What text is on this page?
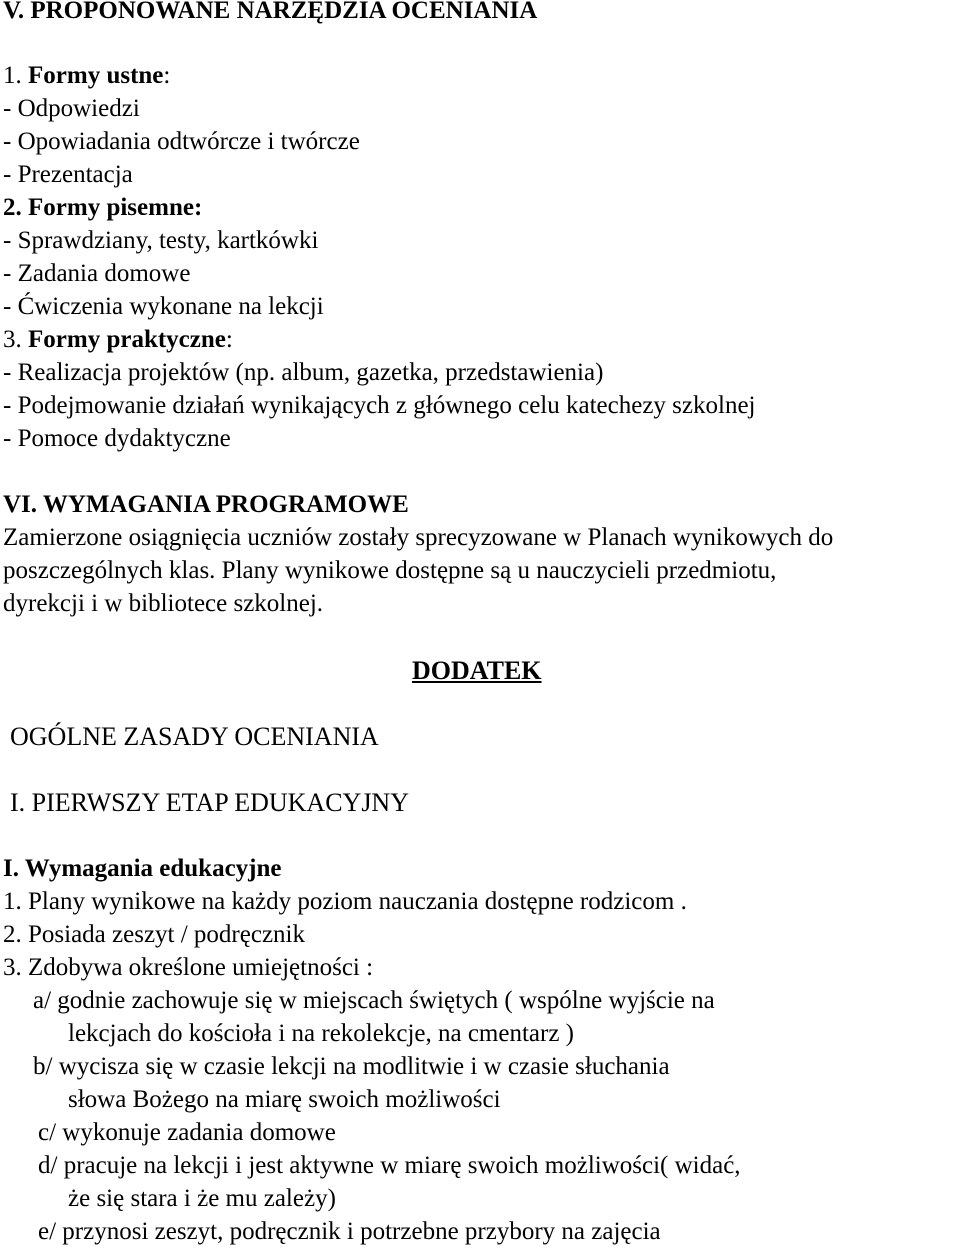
V. PROPONOWANE NARZĘDZIA OCENIANIA
1. Formy ustne:
- Odpowiedzi
- Opowiadania odtwórcze i twórcze
- Prezentacja
2. Formy pisemne:
- Sprawdziany, testy, kartkówki
- Zadania domowe
- Ćwiczenia wykonane na lekcji
3. Formy praktyczne:
- Realizacja projektów (np. album, gazetka, przedstawienia)
- Podejmowanie działań wynikających z głównego celu katechezy szkolnej
- Pomoce dydaktyczne
VI. WYMAGANIA PROGRAMOWE
Zamierzone osiągnięcia uczniów zostały sprecyzowane w Planach wynikowych do
poszczególnych klas. Plany wynikowe dostępne są u nauczycieli przedmiotu,
dyrekcji i w bibliotece szkolnej.
DODATEK
OGÓLNE ZASADY OCENIANIA
I. PIERWSZY ETAP EDUKACYJNY
I. Wymagania edukacyjne
1. Plany wynikowe na każdy poziom nauczania dostępne rodzicom .
2. Posiada zeszyt / podręcznik
3. Zdobywa określone umiejętności :
a/ godnie zachowuje się w miejscach świętych ( wspólne wyjście na
lekcjach do kościoła i na rekolekcje, na cmentarz )
b/ wycisza się w czasie lekcji na modlitwie i w czasie słuchania
słowa Bożego na miarę swoich możliwości
c/ wykonuje zadania domowe
d/ pracuje na lekcji i jest aktywne w miarę swoich możliwości( widać,
że się stara i że mu zależy)
e/ przynosi zeszyt, podręcznik i potrzebne przybory na zajęcia
